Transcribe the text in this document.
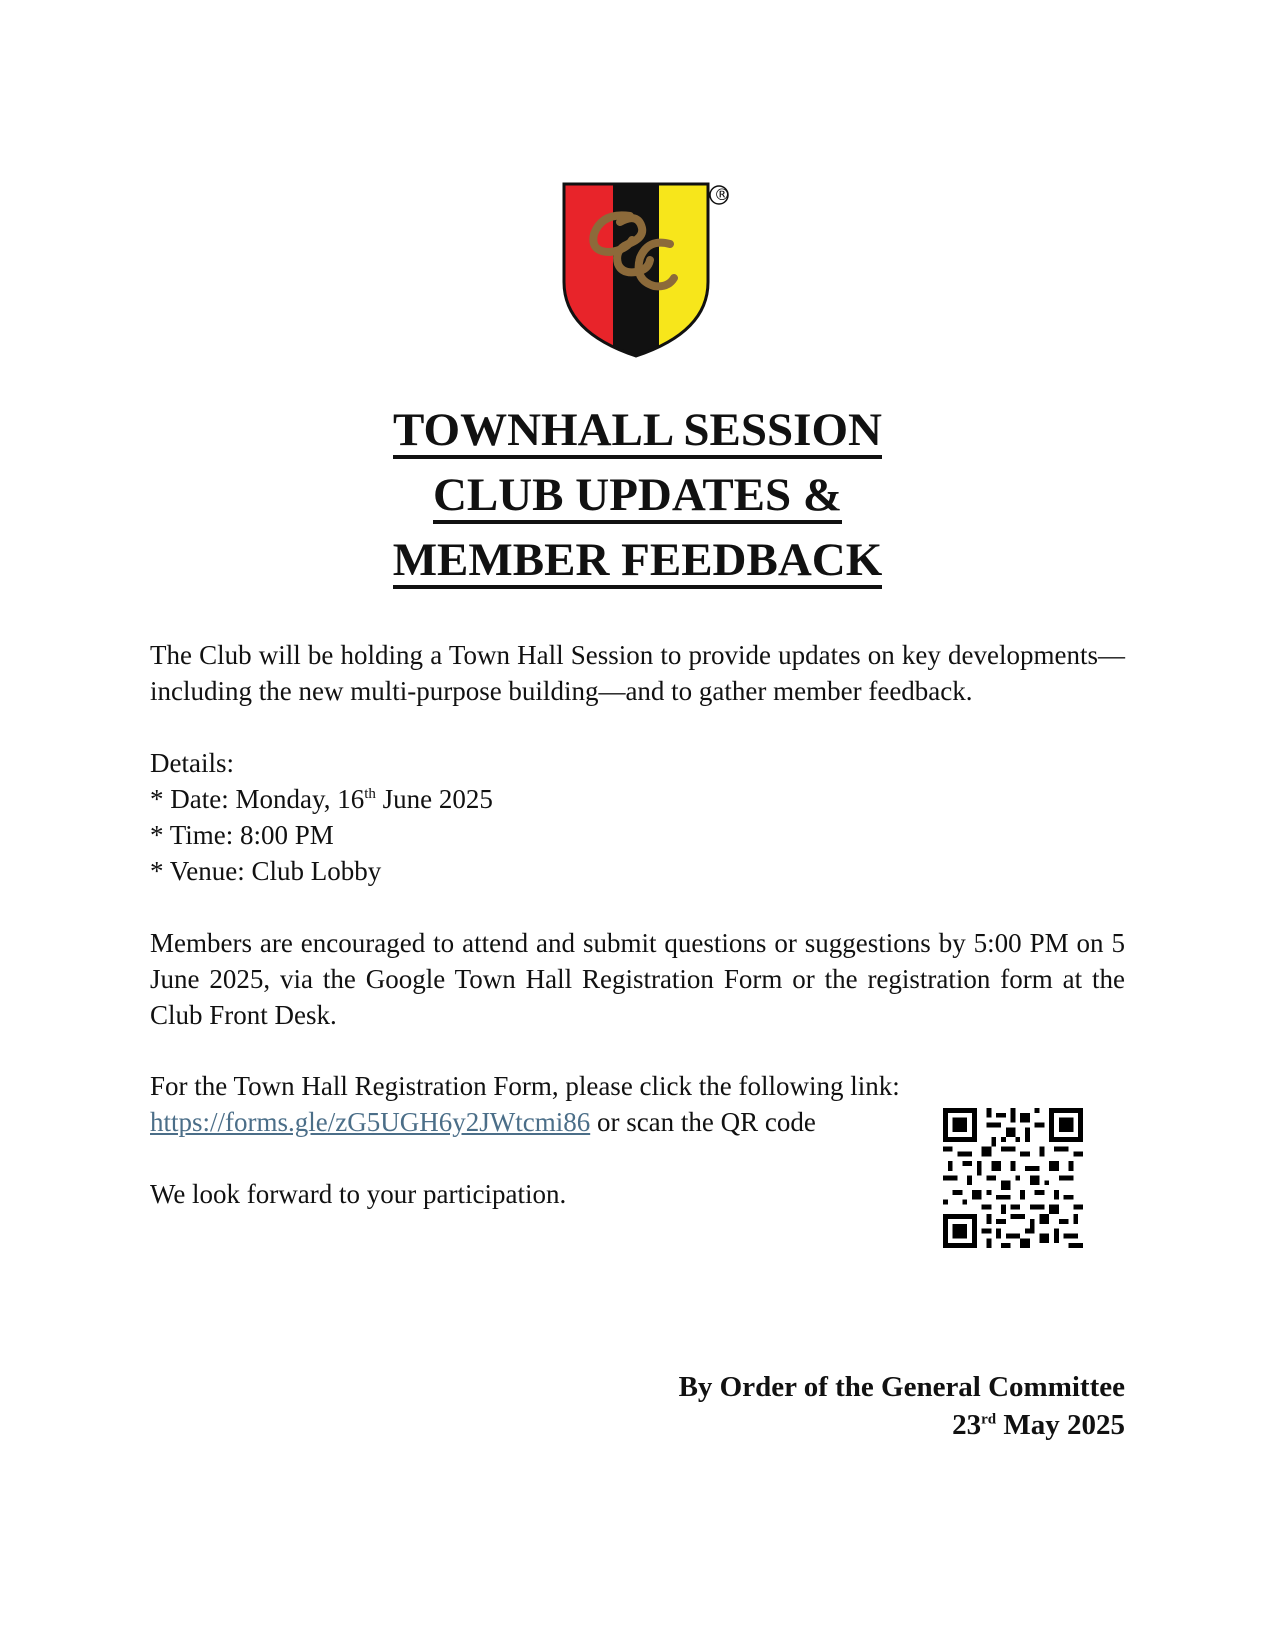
®
TOWNHALL SESSION
CLUB UPDATES &
MEMBER FEEDBACK

The Club will be holding a Town Hall Session to provide updates on key developments—including the new multi-purpose building—and to gather member feedback.

Details:
* Date: Monday, 16th June 2025
* Time: 8:00 PM
* Venue: Club Lobby

Members are encouraged to attend and submit questions or suggestions by 5:00 PM on 5 June 2025, via the Google Town Hall Registration Form or the registration form at the Club Front Desk.

For the Town Hall Registration Form, please click the following link:
https://forms.gle/zG5UGH6y2JWtcmi86 or scan the QR code

We look forward to your participation.

By Order of the General Committee
23rd May 2025
